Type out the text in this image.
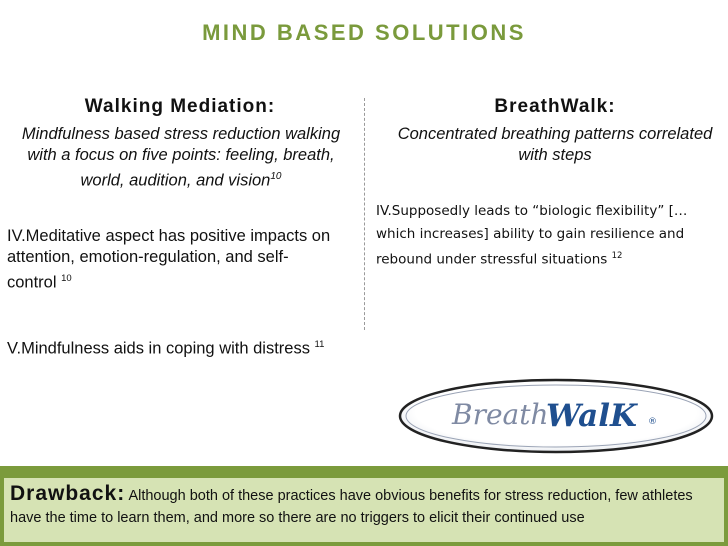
MIND BASED SOLUTIONS
Walking Mediation:
Mindfulness based stress reduction walking with a focus on five points: feeling, breath, world, audition, and vision$^{10}$
IV.Meditative aspect has positive impacts on attention, emotion-regulation, and self-control $^{10}$
V.Mindfulness aids in coping with distress $^{11}$
BreathWalk:
Concentrated breathing patterns correlated with steps
IV.Supposedly leads to “biologic flexibility” [… which increases] ability to gain resilience and rebound under stressful situations $^{12}$
Breath
WalK ®
Drawback: Although both of these practices have obvious benefits for stress reduction, few athletes have the time to learn them, and more so there are no triggers to elicit their continued use
